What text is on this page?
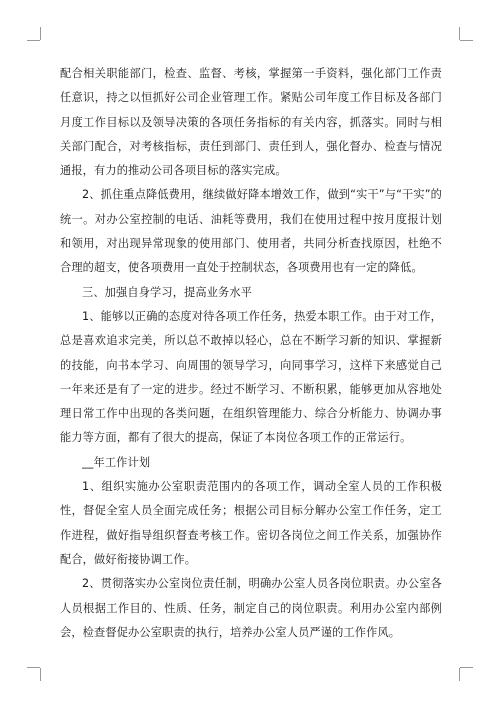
配合相关职能部门，检查、监督、考核，掌握第一手资料，强化部门工作责任意识，持之以恒抓好公司企业管理工作。紧贴公司年度工作目标及各部门月度工作目标以及领导决策的各项任务指标的有关内容，抓落实。同时与相关部门配合，对考核指标，责任到部门、责任到人，强化督办、检查与情况通报，有力的推动公司各项目标的落实完成。

2、抓住重点降低费用，继续做好降本增效工作，做到“实干”与“干实”的统一。对办公室控制的电话、油耗等费用，我们在使用过程中按月度报计划和领用，对出现异常现象的使用部门、使用者，共同分析查找原因，杜绝不合理的超支，使各项费用一直处于控制状态，各项费用也有一定的降低。

三、加强自身学习，提高业务水平

1、能够以正确的态度对待各项工作任务，热爱本职工作。由于对工作，总是喜欢追求完美，所以总不敢掉以轻心，总在不断学习新的知识、掌握新的技能，向书本学习、向周围的领导学习，向同事学习，这样下来感觉自己一年来还是有了一定的进步。经过不断学习、不断积累，能够更加从容地处理日常工作中出现的各类问题，在组织管理能力、综合分析能力、协调办事能力等方面，都有了很大的提高，保证了本岗位各项工作的正常运行。

__年工作计划

1、组织实施办公室职责范围内的各项工作，调动全室人员的工作积极性，督促全室人员全面完成任务；根据公司目标分解办公室工作任务，定工作进程，做好指导组织督查考核工作。密切各岗位之间工作关系，加强协作配合，做好衔接协调工作。

2、贯彻落实办公室岗位责任制，明确办公室人员各岗位职责。办公室各人员根据工作目的、性质、任务，制定自己的岗位职责。利用办公室内部例会，检查督促办公室职责的执行，培养办公室人员严谨的工作作风。
